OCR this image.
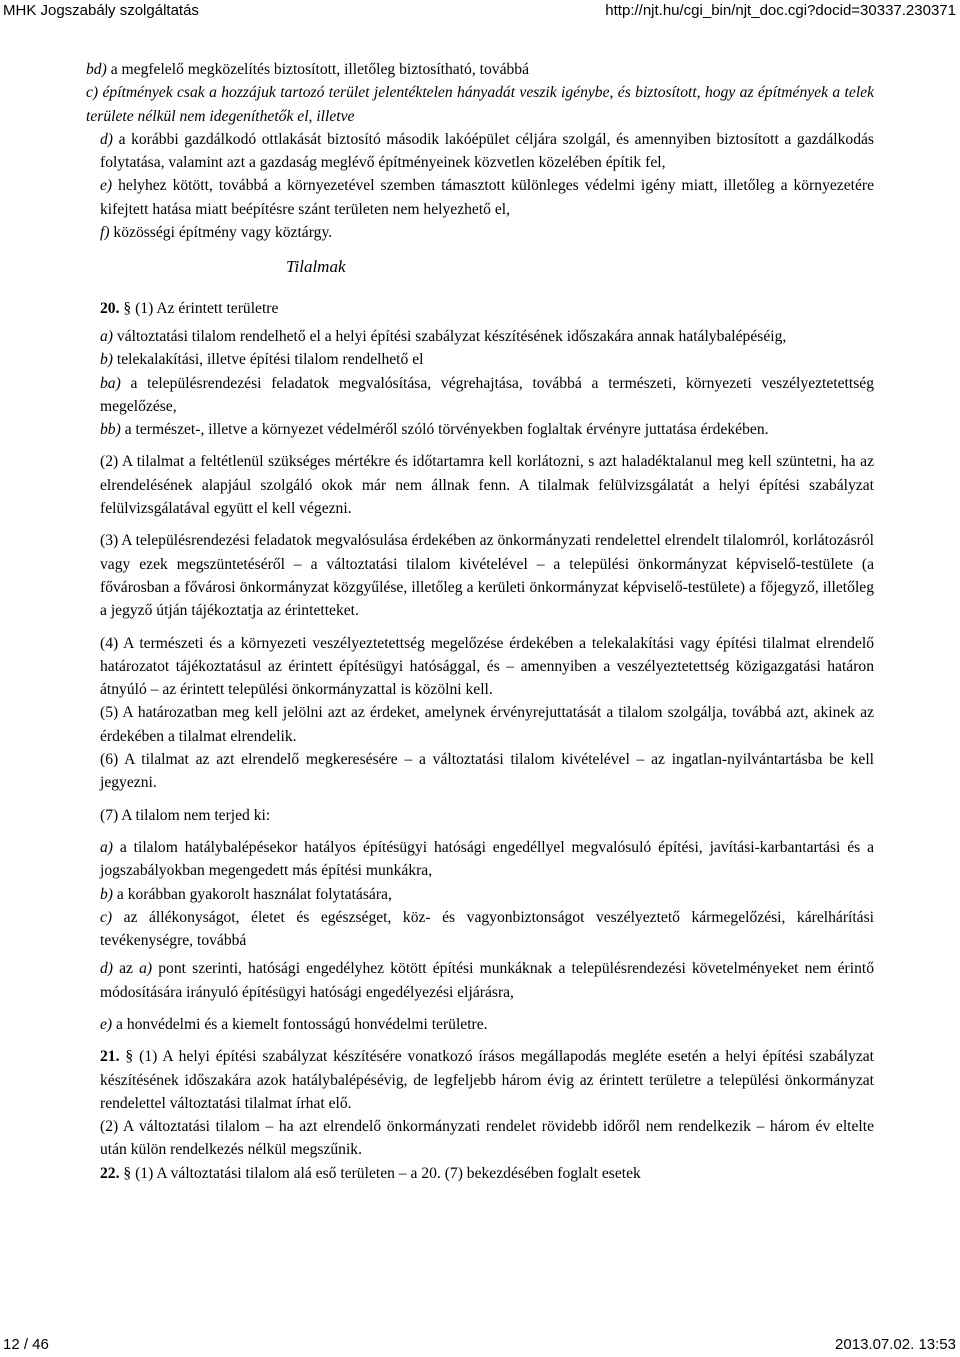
MHK Jogszabály szolgáltatás	http://njt.hu/cgi_bin/njt_doc.cgi?docid=30337.230371

bd) a megfelelő megközelítés biztosított, illetőleg biztosítható, továbbá

c) építmények csak a hozzájuk tartozó terület jelentéktelen hányadát veszik igénybe, és biztosított, hogy az építmények a telek területe nélkül nem idegeníthetők el, illetve

d) a korábbi gazdálkodó ottlakását biztosító második lakóépület céljára szolgál, és amennyiben biztosított a gazdálkodás folytatása, valamint azt a gazdaság meglévő építményeinek közvetlen közelében építik fel,

e) helyhez kötött, továbbá a környezetével szemben támasztott különleges védelmi igény miatt, illetőleg a környezetére kifejtett hatása miatt beépítésre szánt területen nem helyezhető el,

f) közösségi építmény vagy köztárgy.

Tilalmak

20. § (1) Az érintett területre

a) változtatási tilalom rendelhető el a helyi építési szabályzat készítésének időszakára annak hatálybalépéséig,

b) telekalakítási, illetve építési tilalom rendelhető el

ba) a településrendezési feladatok megvalósítása, végrehajtása, továbbá a természeti, környezeti veszélyeztetettség megelőzése,

bb) a természet-, illetve a környezet védelméről szóló törvényekben foglaltak érvényre juttatása érdekében.

(2) A tilalmat a feltétlenül szükséges mértékre és időtartamra kell korlátozni, s azt haladéktalanul meg kell szüntetni, ha az elrendelésének alapjául szolgáló okok már nem állnak fenn. A tilalmak felülvizsgálatát a helyi építési szabályzat felülvizsgálatával együtt el kell végezni.

(3) A településrendezési feladatok megvalósulása érdekében az önkormányzati rendelettel elrendelt tilalomról, korlátozásról vagy ezek megszüntetéséről – a változtatási tilalom kivételével – a települési önkormányzat képviselő-testülete (a fővárosban a fővárosi önkormányzat közgyűlése, illetőleg a kerületi önkormányzat képviselő-testülete) a főjegyző, illetőleg a jegyző útján tájékoztatja az érintetteket.

(4) A természeti és a környezeti veszélyeztetettség megelőzése érdekében a telekalakítási vagy építési tilalmat elrendelő határozatot tájékoztatásul az érintett építésügyi hatósággal, és – amennyiben a veszélyeztetettség közigazgatási határon átnyúló – az érintett települési önkormányzattal is közölni kell.

(5) A határozatban meg kell jelölni azt az érdeket, amelynek érvényrejuttatását a tilalom szolgálja, továbbá azt, akinek az érdekében a tilalmat elrendelik.

(6) A tilalmat az azt elrendelő megkeresésére – a változtatási tilalom kivételével – az ingatlan-nyilvántartásba be kell jegyezni.

(7) A tilalom nem terjed ki:

a) a tilalom hatálybalépésekor hatályos építésügyi hatósági engedéllyel megvalósuló építési, javítási-karbantartási és a jogszabályokban megengedett más építési munkákra,

b) a korábban gyakorolt használat folytatására,

c) az állékonyságot, életet és egészséget, köz- és vagyonbiztonságot veszélyeztető kármegelőzési, kárelhárítási tevékenységre, továbbá

d) az a) pont szerinti, hatósági engedélyhez kötött építési munkáknak a településrendezési követelményeket nem érintő módosítására irányuló építésügyi hatósági engedélyezési eljárásra,

e) a honvédelmi és a kiemelt fontosságú honvédelmi területre.

21. § (1) A helyi építési szabályzat készítésére vonatkozó írásos megállapodás megléte esetén a helyi építési szabályzat készítésének időszakára azok hatálybalépésévig, de legfeljebb három évig az érintett területre a települési önkormányzat rendelettel változtatási tilalmat írhat elő.

(2) A változtatási tilalom – ha azt elrendelő önkormányzati rendelet rövidebb időről nem rendelkezik – három év eltelte után külön rendelkezés nélkül megszűnik.

22. § (1) A változtatási tilalom alá eső területen – a 20. (7) bekezdésében foglalt esetek

12 / 46	2013.07.02. 13:53
